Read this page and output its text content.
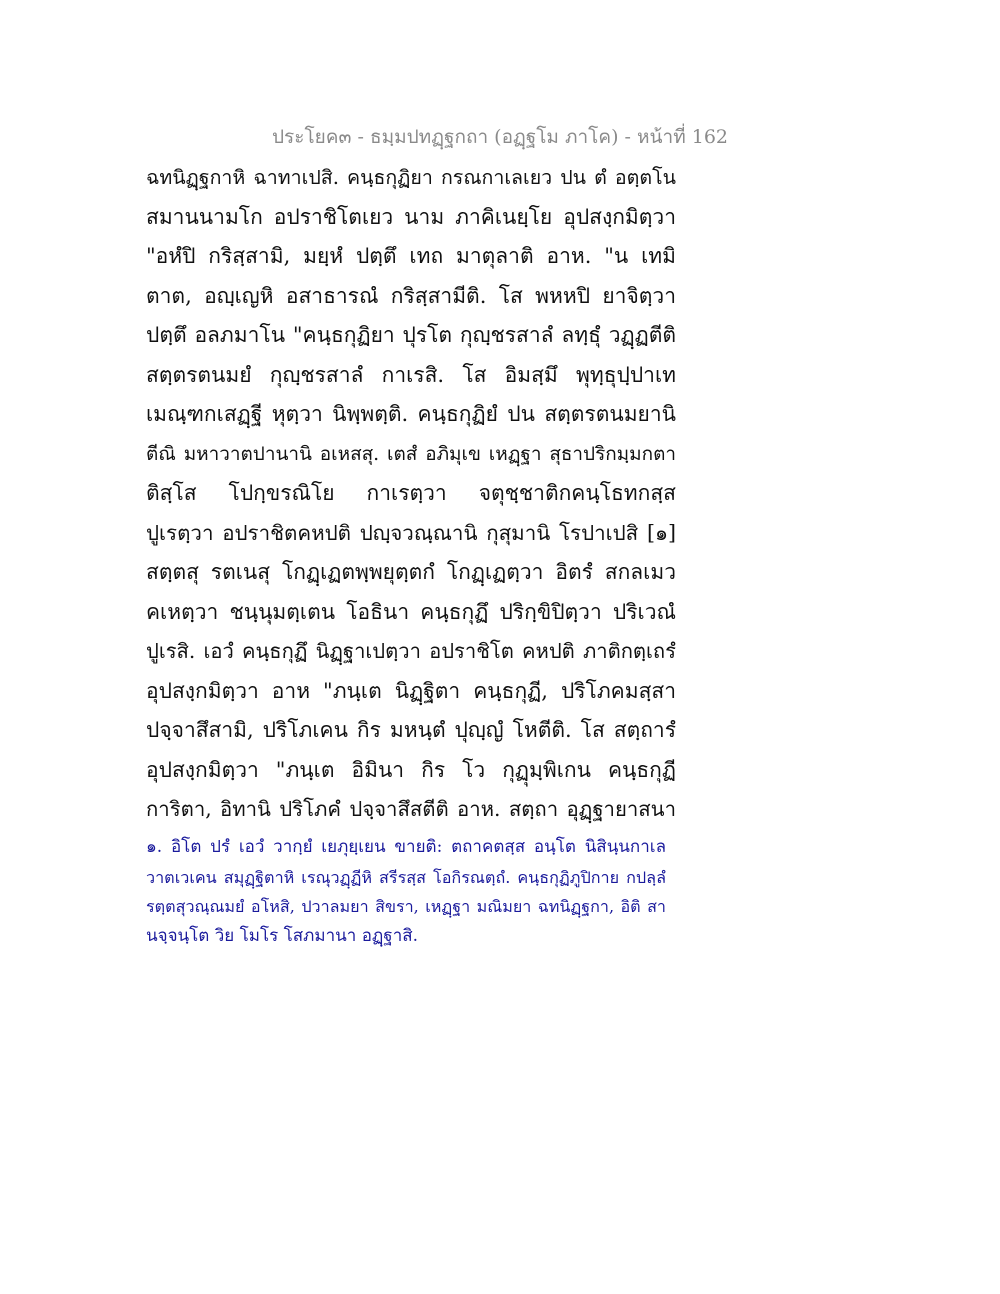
ประโยค๓ - ธมฺมปทฏฺฐกถา (อฏฺฐโม ภาโค) - หน้าที่ 162
ฉทนิฏฺฐกาหิ ฉาทาเปสิ. คนฺธกุฏิยา กรณกาเลเยว ปน ตํ อตฺตโน
สมานนามโก อปราชิโตเยว นาม ภาคิเนยฺโย อุปสงฺกมิตฺวา
"อหํปิ กริสฺสามิ, มยฺหํ ปตฺตึ เทถ มาตุลาติ อาห. "น เทมิ
ตาต, อญฺเญหิ อสาธารณํ กริสฺสามีติ. โส พหหปิ ยาจิตฺวา
ปตฺตึ อลภมาโน "คนฺธกุฏิยา ปุรโต กุญฺชรสาลํ ลทฺธุํ วฏฺฏตีติ
สตฺตรตนมยํ กุญฺชรสาลํ กาเรสิ. โส อิมสฺมึ พุทฺธุปฺปาเท
เมณฺฑกเสฏฺฐี หุตฺวา นิพฺพตฺติ. คนฺธกุฏิยํ ปน สตฺตรตนมยานิ
ตีณิ มหาวาตปานานิ อเหสสุ. เตสํ อภิมุเข เหฏฺฐา สุธาปริกมฺมกตา
ติสฺโส โปกฺขรณิโย กาเรตฺวา จตุชฺชาติกคนฺโธทกสฺส
ปูเรตฺวา อปราชิตคหปติ ปญฺจวณฺณานิ กุสุมานิ โรปาเปสิ [๑]
สตฺตสุ รตเนสุ โกฏฺเฏตพฺพยุตฺตกํ โกฏฺเฏตฺวา อิตรํ สกลเมว
คเหตฺวา ชนฺนุมตฺเตน โอธินา คนฺธกุฏึ ปริกฺขิปิตฺวา ปริเวณํ
ปูเรสิ. เอวํ คนฺธกุฏึ นิฏฺฐาเปตฺวา อปราชิโต คหปติ ภาติกตฺเถรํ
อุปสงฺกมิตฺวา อาห "ภนฺเต นิฏฺฐิตา คนฺธกุฏี, ปริโภคมสฺสา
ปจฺจาสึสามิ, ปริโภเคน กิร มหนฺตํ ปุญฺญํ โหตีติ. โส สตฺถารํ
อุปสงฺกมิตฺวา "ภนฺเต อิมินา กิร โว กุฏุมฺพิเกน คนฺธกุฏี
การิตา, อิทานิ ปริโภคํ ปจฺจาสึสตีติ อาห. สตฺถา อุฏฺฐายาสนา
๑. อิโต ปรํ เอวํ วากฺยํ เยภุยฺเยน ขายติ: ตถาคตสฺส อนฺโต นิสินฺนกาเล
วาตเวเคน สมุฏฺฐิตาหิ เรณุวฏฺฏีหิ สรีรสฺส โอกิรณตฺถํ. คนฺธกุฏิภูปิกาย กปลฺลํ
รตฺตสุวณฺณมยํ อโหสิ, ปวาลมยา สิขรา, เหฏฺฐา มณิมยา ฉทนิฏฺฐกา, อิติ สา
นจฺจนฺโต วิย โมโร โสภมานา อฏฺฐาสิ.
